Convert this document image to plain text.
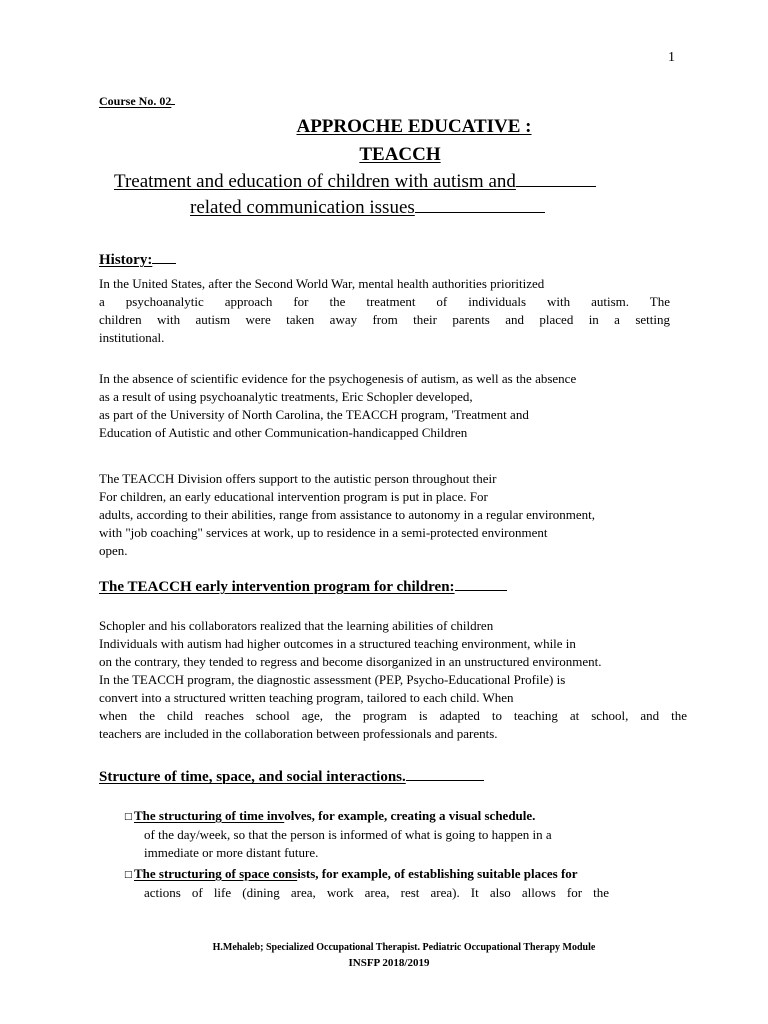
1
Course No. 02
APPROCHE EDUCATIVE :
TEACCH
Treatment and education of children with autism and
related communication issues
History:
In the United States, after the Second World War, mental health authorities prioritized
a psychoanalytic approach for the treatment of individuals with autism. The
children with autism were taken away from their parents and placed in a setting
institutional.
In the absence of scientific evidence for the psychogenesis of autism, as well as the absence
as a result of using psychoanalytic treatments, Eric Schopler developed,
as part of the University of North Carolina, the TEACCH program, 'Treatment and
Education of Autistic and other Communication-handicapped Children
The TEACCH Division offers support to the autistic person throughout their
For children, an early educational intervention program is put in place. For
adults, according to their abilities, range from assistance to autonomy in a regular environment,
with "job coaching" services at work, up to residence in a semi-protected environment
open.
The TEACCH early intervention program for children:
Schopler and his collaborators realized that the learning abilities of children
Individuals with autism had higher outcomes in a structured teaching environment, while in
on the contrary, they tended to regress and become disorganized in an unstructured environment.
In the TEACCH program, the diagnostic assessment (PEP, Psycho-Educational Profile) is
convert into a structured written teaching program, tailored to each child. When
when the child reaches school age, the program is adapted to teaching at school, and the
teachers are included in the collaboration between professionals and parents.
Structure of time, space, and social interactions.
□The structuring of time involves, for example, creating a visual schedule.
of the day/week, so that the person is informed of what is going to happen in a
immediate or more distant future.
□The structuring of space consists, for example, of establishing suitable places for
actions of life (dining area, work area, rest area). It also allows for the
H.Mehaleb; Specialized Occupational Therapist. Pediatric Occupational Therapy Module
INSFP 2018/2019
